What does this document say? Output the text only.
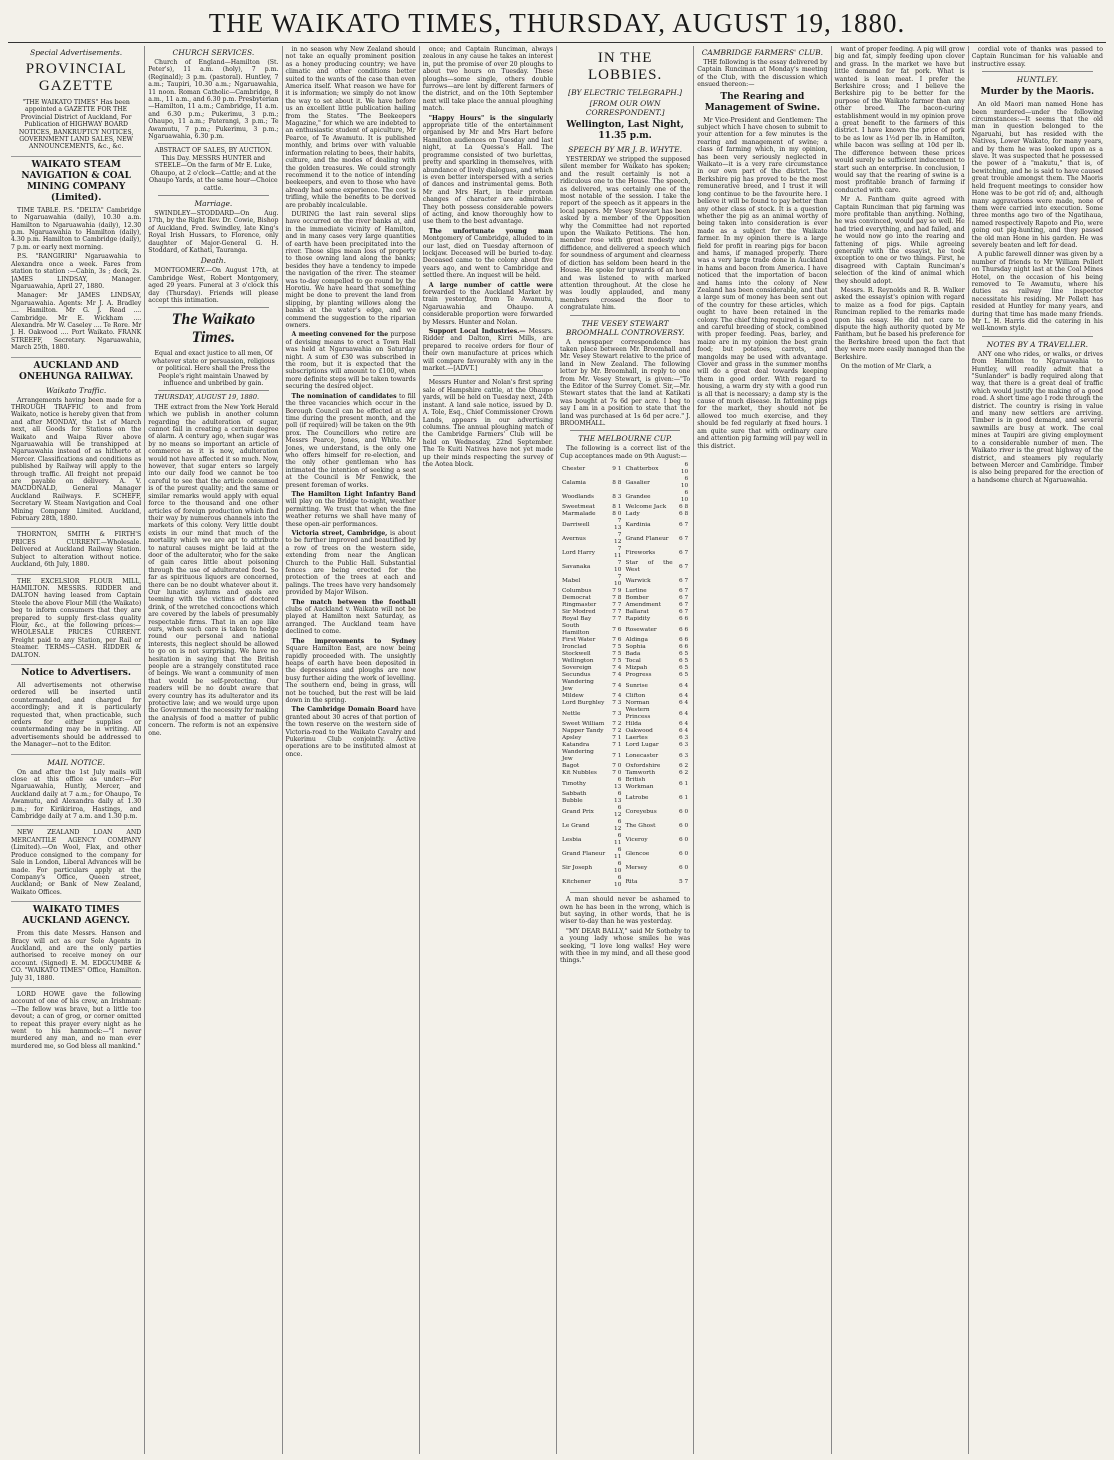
THE WAIKATO TIMES, THURSDAY, AUGUST 19, 1880.
Special Advertisements.
PROVINCIAL GAZETTE

"THE WAIKATO TIMES" Has been appointed a GAZETTE FOR THE Provincial District of Auckland, For Publication of HIGHWAY BOARD NOTICES, BANKRUPTCY NOTICES, GOVERNMENT LAND SALES, NEW ANNOUNCEMENTS, &c., &c.

WAIKATO STEAM NAVIGATION & COAL MINING COMPANY (Limited).

TIME TABLE. P.S. "DELTA" Cambridge to Ngaruawahia (daily), 10.30 a.m. Hamilton to Ngaruawahia (daily), 12.30 p.m. Ngaruawahia to Hamilton (daily), 4.30 p.m. Hamilton to Cambridge (daily), 7 p.m. or early next morning.

P.S. "RANGIRIRI" Ngaruawahia to Alexandra once a week. Fares from station to station :—Cabin, 3s ; deck, 2s. JAMES LINDSAY, Manager. Ngaruawahia, April 27, 1880.

Manager: Mr JAMES LINDSAY, Ngaruawahia. Agents: Mr J. A. Bradley .... Hamilton. Mr G. J. Read .... Cambridge. Mr E. Wickham .... Alexandra. Mr W. Caseley .... Te Rore. Mr J. H. Oakwood .... Port Waikato. FRANK STREEFF, Secretary. Ngaruawahia, March 25th, 1880.

AUCKLAND AND ONEHUNGA RAILWAY.
Waikato Traffic.

Arrangements having been made for a THROUGH TRAFFIC to and from Waikato, notice is hereby given that from and after MONDAY, the 1st of March next, all Goods for Stations on the Waikato and Waipa River above Ngaruawahia will be transhipped at Ngaruawahia instead of as hitherto at Mercer. Classifications and conditions as published by Railway will apply to the through traffic. All freight not prepaid are payable on delivery. A. V. MACDONALD, General Manager Auckland Railways. F. SCHEFF, Secretary W. Steam Navigation and Coal Mining Company Limited. Auckland, February 28th, 1880.

THORNTON, SMITH & FIRTH'S PRICES CURRENT.—Wholesale. Delivered at Auckland Railway Station. Subject to alteration without notice. Auckland, 6th July, 1880.

THE EXCELSIOR FLOUR MILL, HAMILTON. MESSRS. RIDDER and DALTON having leased from Captain Steele the above Flour Mill (the Waikato) beg to inform consumers that they are prepared to supply first-class quality Flour, &c., at the following prices:— WHOLESALE PRICES CURRENT. Freight paid to any Station, per Rail or Steamer. TERMS—CASH. RIDDER & DALTON.

Notice to Advertisers.

All advertisements not otherwise ordered will be inserted until countermanded, and charged for accordingly; and it is particularly requested that, when practicable, such orders for either supplies or countermanding may be in writing. All advertisements should be addressed to the Manager—not to the Editor.

MAIL NOTICE.

On and after the 1st July mails will close at this office as under:—For Ngaruawahia, Huntly, Mercer, and Auckland daily at 7 a.m.; for Ohaupo, Te Awamutu, and Alexandra daily at 1.30 p.m.; for Kirikiriroa, Hastings, and Cambridge daily at 7 a.m. and 1.30 p.m.

NEW ZEALAND LOAN AND MERCANTILE AGENCY COMPANY (Limited).—On Wool, Flax, and other Produce consigned to the company for Sale in London, Liberal Advances will be made. For particulars apply at the Company's Office, Queen street, Auckland; or Bank of New Zealand, Waikato Offices.

WAIKATO TIMES AUCKLAND AGENCY.

From this date Messrs. Hanson and Bracy will act as our Sole Agents in Auckland, and are the only parties authorised to receive money on our account. (Signed) E. M. EDGCUMBE & CO. "WAIKATO TIMES" Office, Hamilton. July 31, 1880.

LORD HOWE gave the following account of one of his crew, an Irishman:—The fellow was brave, but a little too devout; a can of grog, or corner omitted to repeat this prayer every night as he went to his hammock:—"I never murdered any man, and no man ever murdered me, so God bless all mankind."

CHURCH SERVICES.

Church of England—Hamilton (St. Peter's), 11 a.m. (holy), 7 p.m. (Reginald); 3 p.m. (pastoral). Huntley, 7 a.m.; Taupiri, 10.30 a.m.; Ngaruawahia, 11 noon. Roman Catholic—Cambridge, 8 a.m., 11 a.m., and 6.30 p.m. Presbyterian—Hamilton, 11 a.m.; Cambridge, 11 a.m. and 6.30 p.m.; Pukerimu, 3 p.m.; Ohaupo, 11 a.m.; Paterangi, 3 p.m.; Te Awamutu, 7 p.m.; Pukerimu, 3 p.m.; Ngaruawahia, 6.30 p.m.

ABSTRACT OF SALES, BY AUCTION. This Day. MESSRS HUNTER and STEELE—On the farm of Mr E. Luke, Ohaupo, at 2 o'clock—Cattle; and at the Ohaupo Yards, at the same hour—Choice cattle.

Marriage.

SWINDLEY—STODDARD—On Aug. 17th, by the Right Rev. Dr. Cowie, Bishop of Auckland, Fred. Swindley, late King's Royal Irish Hussars, to Florence, only daughter of Major-General G. H. Stoddard, of Kathati, Tauranga.

Death.

MONTGOMERY.—On August 17th, at Cambridge West, Robert Montgomery, aged 29 years. Funeral at 3 o'clock this day (Thursday). Friends will please accept this intimation.

The Waikato Times.

Equal and exact justice to all men, Of whatever state or persuasion, religious or political. Here shall the Press the People's right maintain Unawed by influence and unbribed by gain.

THURSDAY, AUGUST 19, 1880.

THE extract from the New York Herald which we publish in another column regarding the adulteration of sugar, cannot fail in creating a certain degree of alarm. A century ago, when sugar was by no means so important an article of commerce as it is now, adulteration would not have affected it so much. Now, however, that sugar enters so largely into our daily food we cannot be too careful to see that the article consumed is of the purest quality; and the same or similar remarks would apply with equal force to the thousand and one other articles of foreign production which find their way by numerous channels into the markets of this colony. Very little doubt exists in our mind that much of the mortality which we are apt to attribute to natural causes might be laid at the door of the adulterator, who for the sake of gain cares little about poisoning through the use of adulterated food. So far as spirituous liquors are concerned, there can be no doubt whatever about it. Our lunatic asylums and gaols are teeming with the victims of doctored drink, of the wretched concoctions which are covered by the labels of presumably respectable firms. That in an age like ours, when such care is taken to hedge round our personal and national interests, this neglect should be allowed to go on is not surprising. We have no hesitation in saying that the British people are a strangely constituted race of beings. We want a community of men that would be self-protecting. Our readers will be no doubt aware that every country has its adulterator and its protective law; and we would urge upon the Government the necessity for making the analysis of food a matter of public concern. The reform is not an expensive one.

in no season why New Zealand should not take an equally prominent position as a honey producing country; we have climatic and other conditions better suited to the wants of the case than even America itself. What reason we have for it is information; we simply do not know the way to set about it. We have before us an excellent little publication hailing from the States. "The Beekeepers Magazine," for which we are indebted to an enthusiastic student of apiculture, Mr Pearce, of Te Awamutu. It is published monthly, and brims over with valuable information relating to bees, their habits, culture, and the modes of dealing with the golden treasures. We could strongly recommend it to the notice of intending beekeepers, and even to those who have already had some experience. The cost is trifling, while the benefits to be derived are probably incalculable.

DURING the last rain several slips have occurred on the river banks at, and in the immediate vicinity of Hamilton, and in many cases very large quantities of earth have been precipitated into the river. Those slips mean loss of property to those owning land along the banks; besides they have a tendency to impede the navigation of the river. The steamer was to-day compelled to go round by the Horotiu. We have heard that something might be done to prevent the land from slipping, by planting willows along the banks at the water's edge, and we commend the suggestion to the riparian owners.

A meeting convened for the purpose of devising means to erect a Town Hall was held at Ngaruawahia on Saturday night. A sum of £30 was subscribed in the room, but it is expected that the subscriptions will amount to £100, when more definite steps will be taken towards securing the desired object.

The nomination of candidates to fill the three vacancies which occur in the Borough Council can be effected at any time during the present month, and the poll (if required) will be taken on the 9th prox. The Councillors who retire are Messrs Pearce, Jones, and White. Mr Jones, we understand, is the only one who offers himself for re-election, and the only other gentleman who has intimated the intention of seeking a seat at the Council is Mr Fenwick, the present foreman of works.

The Hamilton Light Infantry Band will play on the Bridge to-night, weather permitting. We trust that when the fine weather returns we shall have many of these open-air performances.

Victoria street, Cambridge, is about to be further improved and beautified by a row of trees on the western side, extending from near the Anglican Church to the Public Hall. Substantial fences are being erected for the protection of the trees at each and palings. The trees have very handsomely provided by Major Wilson.

The match between the football clubs of Auckland v. Waikato will not be played at Hamilton next Saturday, as arranged. The Auckland team have declined to come.

The improvements to Sydney Square Hamilton East, are now being rapidly proceeded with. The unsightly heaps of earth have been deposited in the depressions and ploughs are now busy further aiding the work of levelling. The southern end, being in grass, will not be touched, but the rest will be laid down in the spring.

The Cambridge Domain Board have granted about 30 acres of that portion of the town reserve on the western side of Victoria-road to the Waikato Cavalry and Pukerimu Club conjointly. Active operations are to be instituted almost at once.

once; and Captain Runciman, always zealous in any cause he takes an interest in, put the promise of over 20 ploughs to about two hours on Tuesday. These ploughs—some single, others double furrows—are lent by different farmers of the district, and on the 10th September next will take place the annual ploughing match.

"Happy Hours" is the singularly appropriate title of the entertainment organised by Mr and Mrs Hart before Hamilton audiences on Tuesday and last night, at La Quessa's Hall. The programme consisted of two burlettas, pretty and sparkling in themselves, with abundance of lively dialogues, and which is even better interspersed with a series of dances and instrumental gems. Both Mr and Mrs Hart, in their protean changes of character are admirable. They both possess considerable powers of acting, and know thoroughly how to use them to the best advantage.

The unfortunate young man Montgomery of Cambridge, alluded to in our last, died on Tuesday afternoon of lockjaw. Deceased will be buried to-day. Deceased came to the colony about five years ago, and went to Cambridge and settled there. An inquest will be held.

A large number of cattle were forwarded to the Auckland Market by train yesterday, from Te Awamutu, Ngaruawahia and Ohaupo. A considerable proportion were forwarded by Messrs. Hunter and Nolan.

Support Local Industries.— Messrs. Ridder and Dalton, Kirri Mills, are prepared to receive orders for flour of their own manufacture at prices which will compare favourably with any in the market.—[ADVT.]

Messrs Hunter and Nolan's first spring sale of Hampshire cattle, at the Ohaupo yards, will be held on Tuesday next, 24th instant. A land sale notice, issued by D. A. Tole, Esq., Chief Commissioner Crown Lands, appears in our advertising columns. The annual ploughing match of the Cambridge Farmers' Club will be held on Wednesday, 22nd September. The Te Kuiti Natives have not yet made up their minds respecting the survey of the Aotea block.

IN THE LOBBIES.
[BY ELECTRIC TELEGRAPH.]
[FROM OUR OWN CORRESPONDENT.]
Wellington, Last Night, 11.35 p.m.
SPEECH BY MR J. B. WHYTE.

YESTERDAY we stripped the supposed silent member for Waikato has spoken; and the result certainly is not a ridiculous one to the House. The speech, as delivered, was certainly one of the most notable of the session. I take the report of the speech as it appears in the local papers. Mr Vesey Stewart has been asked by a member of the Opposition why the Committee had not reported upon the Waikato Petitions. The hon. member rose with great modesty and diffidence, and delivered a speech which for soundness of argument and clearness of diction has seldom been heard in the House. He spoke for upwards of an hour and was listened to with marked attention throughout. At the close he was loudly applauded, and many members crossed the floor to congratulate him.

THE VESEY STEWART BROOMHALL CONTROVERSY.

A newspaper correspondence has taken place between Mr. Broomhall and Mr. Vesey Stewart relative to the price of land in New Zealand. The following letter by Mr. Broomhall, in reply to one from Mr. Vesey Stewart, is given:—"To the Editor of the Surrey Comet. Sir,—Mr. Stewart states that the land at Katikati was bought at 7s 6d per acre. I beg to say I am in a position to state that the land was purchased at 1s 6d per acre." J. BROOMHALL.

THE MELBOURNE CUP.

The following is a correct list of the Cup acceptances made on 9th August:—

Chester	9 1	Chatterbox	6 10
Calamia	8 8	Gasalier	6 10
Woodlands	8 3	Grandee	6 10
Sweetmeat	8 1	Welcome Jack	6 8
Marmalade	8 0	Lady	6 8
Darriwell	7 13	Kardinia	6 7
Avernus	7 12	Grand Flaneur	6 7
Lord Harry	7 11	Fireworks	6 7
Savanaka	7 10	Star of the West	6 7
Mabel	7 10	Warwick	6 7
Columbus	7 9	Lurline	6 7
Democrat	7 8	Bomber	6 7
Ringmaster	7 7	Amendment	6 7
Sir Modred	7 7	Ballarat	6 7
Royal Bay	7 7	Rapidity	6 6
South Hamilton	7 6	Rosewater	6 6
First Water	7 6	Aldinga	6 6
Ironclad	7 5	Sophia	6 6
Stockwell	7 5	Bada	6 5
Wellington	7 5	Tocal	6 5
Sovereign	7 4	Mizpah	6 5
Secundus	7 4	Progress	6 5
Wandering Jew	7 4	Sunrise	6 4
Mildew	7 4	Clifton	6 4
Lord Burghley	7 3	Norman	6 4
Nettle	7 3	Western Princess	6 4
Sweet William	7 2	Hilda	6 4
Napper Tandy	7 2	Oakwood	6 4
Apsley	7 1	Laertes	6 3
Katandra	7 1	Lord Lugar	6 3
Wandering Jew	7 1	Lonecaster	6 3
Bagot	7 0	Oxfordshire	6 2
Kit Nubbles	7 0	Tamworth	6 2
Timothy	6 13	British Workman	6 1
Sabbath Bubble	6 13	Latrobe	6 1
Grand Prix	6 12	Coreyebus	6 0
Le Grand	6 12	The Ghost	6 0
Lesbia	6 11	Viceroy	6 0
Grand Flaneur	6 11	Glencoe	6 0
Sir Joseph	6 10	Mersey	6 0
Kitchener	6 10	Rita	5 7

A man should never be ashamed to own he has been in the wrong, which is but saying, in other words, that he is wiser to-day than he was yesterday.

"MY DEAR BALLY," said Mr Sotheby to a young lady whose smiles he was seeking, "I love long walks! Hey were with thee in my mind, and all these good things."

CAMBRIDGE FARMERS' CLUB.

THE following is the essay delivered by Captain Runciman at Monday's meeting of the Club, with the discussion which ensued thereon:—

The Rearing and Management of Swine.

Mr Vice-President and Gentlemen: The subject which I have chosen to submit to your attention for a few minutes is the rearing and management of swine; a class of farming which, in my opinion, has been very seriously neglected in Waikato—it is a very rare circumstance in our own part of the district. The Berkshire pig has proved to be the most remunerative breed, and I trust it will long continue to be the favourite here. I believe it will be found to pay better than any other class of stock. It is a question whether the pig as an animal worthy of being taken into consideration is ever made as a subject for the Waikato farmer. In my opinion there is a large field for profit in rearing pigs for bacon and hams, if managed properly. There was a very large trade done in Auckland in hams and bacon from America. I have noticed that the importation of bacon and hams into the colony of New Zealand has been considerable, and that a large sum of money has been sent out of the country for these articles, which ought to have been retained in the colony. The chief thing required is a good and careful breeding of stock, combined with proper feeding. Peas, barley, and maize are in my opinion the best grain food; but potatoes, carrots, and mangolds may be used with advantage. Clover and grass in the summer months will do a great deal towards keeping them in good order. With regard to housing, a warm dry sty with a good run is all that is necessary; a damp sty is the cause of much disease. In fattening pigs for the market, they should not be allowed too much exercise, and they should be fed regularly at fixed hours. I am quite sure that with ordinary care and attention pig farming will pay well in this district.

want of proper feeding. A pig will grow big and fat, simply feeding upon clover and grass. In the market we have but little demand for fat pork. What is wanted is lean meat. I prefer the Berkshire cross; and I believe the Berkshire pig to be better for the purpose of the Waikato farmer than any other breed. The bacon-curing establishment would in my opinion prove a great benefit to the farmers of this district. I have known the price of pork to be as low as 1½d per lb. in Hamilton, while bacon was selling at 10d per lb. The difference between these prices would surely be sufficient inducement to start such an enterprise. In conclusion, I would say that the rearing of swine is a most profitable branch of farming if conducted with care.

Mr A. Fantham quite agreed with Captain Runciman that pig farming was more profitable than anything. Nothing, he was convinced, would pay so well. He had tried everything, and had failed, and he would now go into the rearing and fattening of pigs. While agreeing generally with the essayist, he took exception to one or two things. First, he disagreed with Captain Runciman's selection of the kind of animal which they should adopt.

Messrs. R. Reynolds and R. B. Walker asked the essayist's opinion with regard to maize as a food for pigs. Captain Runciman replied to the remarks made upon his essay. He did not care to dispute the high authority quoted by Mr Fantham, but he based his preference for the Berkshire breed upon the fact that they were more easily managed than the Berkshire.

On the motion of Mr Clark, a

cordial vote of thanks was passed to Captain Runciman for his valuable and instructive essay.

HUNTLEY.
Murder by the Maoris.

An old Maori man named Hone has been murdered—under the following circumstances:—It seems that the old man in question belonged to the Ngaruahi, but has resided with the Natives, Lower Waikato, for many years, and by them he was looked upon as a slave. It was suspected that he possessed the power of a "makutu," that is, of bewitching, and he is said to have caused great trouble amongst them. The Maoris held frequent meetings to consider how Hone was to be got rid of; and, although many aggravations were made, none of them were carried into execution. Some three months ago two of the Ngatihaua, named respectively Rapoto and Pio, were going out pig-hunting, and they passed the old man Hone in his garden. He was severely beaten and left for dead.

A public farewell dinner was given by a number of friends to Mr William Pollett on Thursday night last at the Coal Mines Hotel, on the occasion of his being removed to Te Awamutu, where his duties as railway line inspector necessitate his residing. Mr Pollett has resided at Huntley for many years, and during that time has made many friends. Mr L. H. Harris did the catering in his well-known style.

NOTES BY A TRAVELLER.

ANY one who rides, or walks, or drives from Hamilton to Ngaruawahia to Huntley, will readily admit that a "Sunlander" is badly required along that way, that there is a great deal of traffic which would justify the making of a good road. A short time ago I rode through the district. The country is rising in value and many new settlers are arriving. Timber is in good demand, and several sawmills are busy at work. The coal mines at Taupiri are giving employment to a considerable number of men. The Waikato river is the great highway of the district, and steamers ply regularly between Mercer and Cambridge. Timber is also being prepared for the erection of a handsome church at Ngaruawahia.
